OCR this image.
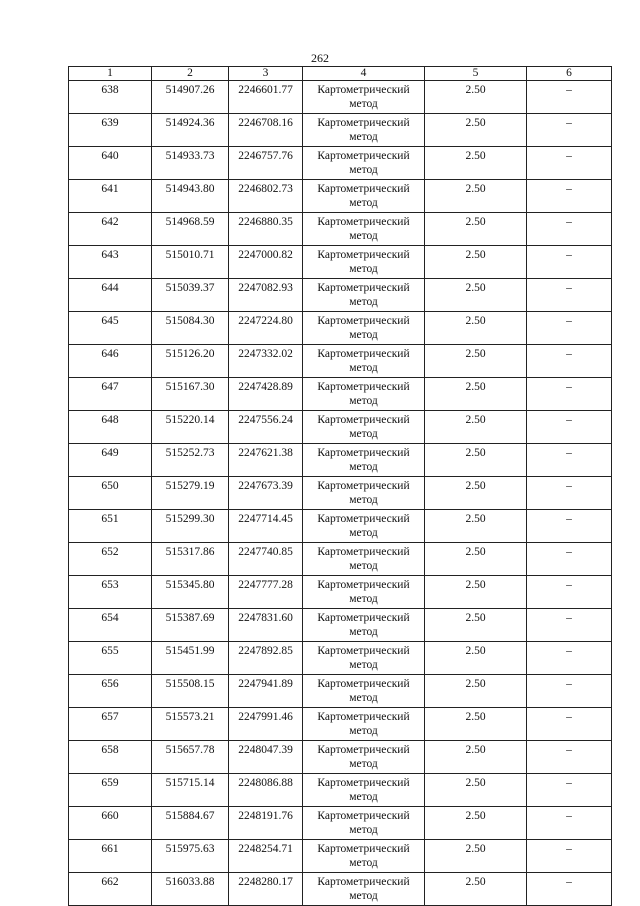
262
1	2	3	4	5	6
638	514907.26	2246601.77	Картометрический метод	2.50	–
639	514924.36	2246708.16	Картометрический метод	2.50	–
640	514933.73	2246757.76	Картометрический метод	2.50	–
641	514943.80	2246802.73	Картометрический метод	2.50	–
642	514968.59	2246880.35	Картометрический метод	2.50	–
643	515010.71	2247000.82	Картометрический метод	2.50	–
644	515039.37	2247082.93	Картометрический метод	2.50	–
645	515084.30	2247224.80	Картометрический метод	2.50	–
646	515126.20	2247332.02	Картометрический метод	2.50	–
647	515167.30	2247428.89	Картометрический метод	2.50	–
648	515220.14	2247556.24	Картометрический метод	2.50	–
649	515252.73	2247621.38	Картометрический метод	2.50	–
650	515279.19	2247673.39	Картометрический метод	2.50	–
651	515299.30	2247714.45	Картометрический метод	2.50	–
652	515317.86	2247740.85	Картометрический метод	2.50	–
653	515345.80	2247777.28	Картометрический метод	2.50	–
654	515387.69	2247831.60	Картометрический метод	2.50	–
655	515451.99	2247892.85	Картометрический метод	2.50	–
656	515508.15	2247941.89	Картометрический метод	2.50	–
657	515573.21	2247991.46	Картометрический метод	2.50	–
658	515657.78	2248047.39	Картометрический метод	2.50	–
659	515715.14	2248086.88	Картометрический метод	2.50	–
660	515884.67	2248191.76	Картометрический метод	2.50	–
661	515975.63	2248254.71	Картометрический метод	2.50	–
662	516033.88	2248280.17	Картометрический метод	2.50	–
